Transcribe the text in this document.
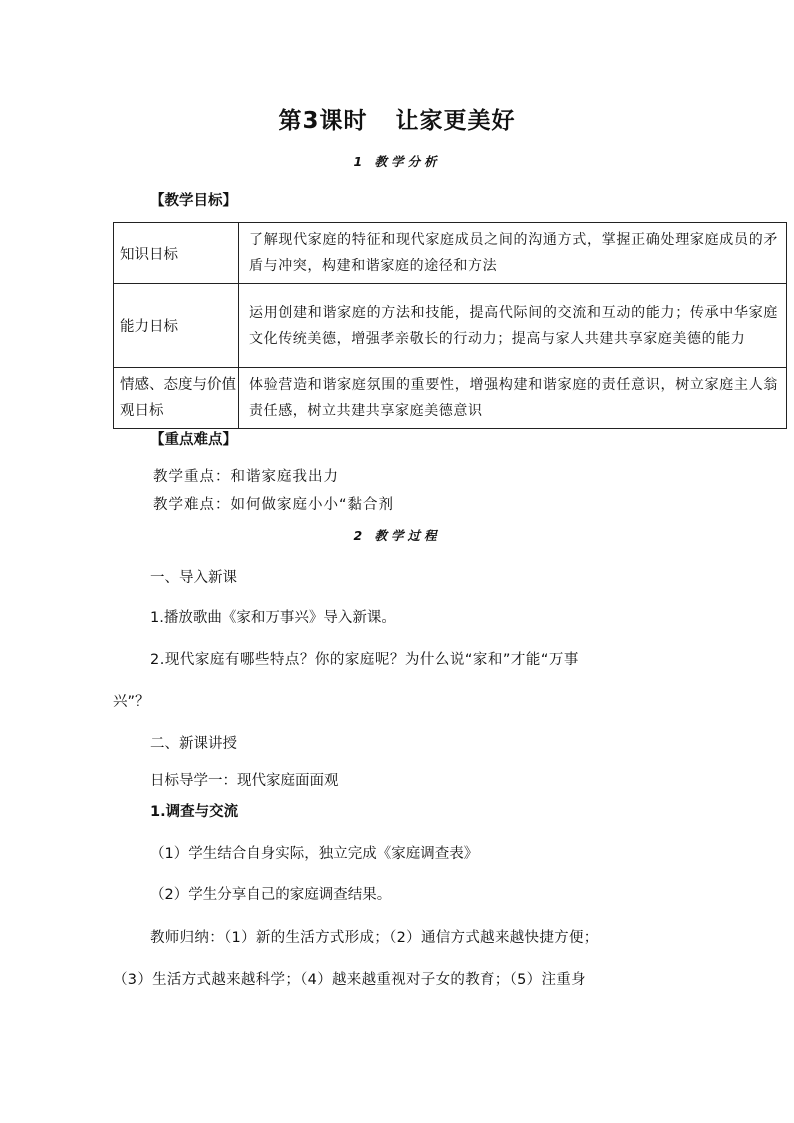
第3课时 让家更美好
1 教学分析
【教学目标】
知识日标	了解现代家庭的特征和现代家庭成员之间的沟通方式，掌握正确处理家庭成员的矛盾与冲突，构建和谐家庭的途径和方法
能力日标	运用创建和谐家庭的方法和技能，提高代际间的交流和互动的能力；传承中华家庭文化传统美德，增强孝亲敬长的行动力；提高与家人共建共享家庭美德的能力
情感、态度与价值观日标	体验营造和谐家庭氛围的重要性，增强构建和谐家庭的责任意识，树立家庭主人翁责任感，树立共建共享家庭美德意识
【重点难点】
教学重点：和谐家庭我出力
教学难点：如何做家庭小小“黏合剂
2 教学过程
一、导入新课
1.播放歌曲《家和万事兴》导入新课。
2.现代家庭有哪些特点？你的家庭呢？为什么说“家和”才能“万事
兴”？
二、新课讲授
日标导学一：现代家庭面面观
1.调查与交流
（1）学生结合自身实际，独立完成《家庭调查表》
（2）学生分享自己的家庭调查结果。
教师归纳：（1）新的生活方式形成；（2）通信方式越来越快捷方便；
（3）生活方式越来越科学；（4）越来越重视对子女的教育；（5）注重身
